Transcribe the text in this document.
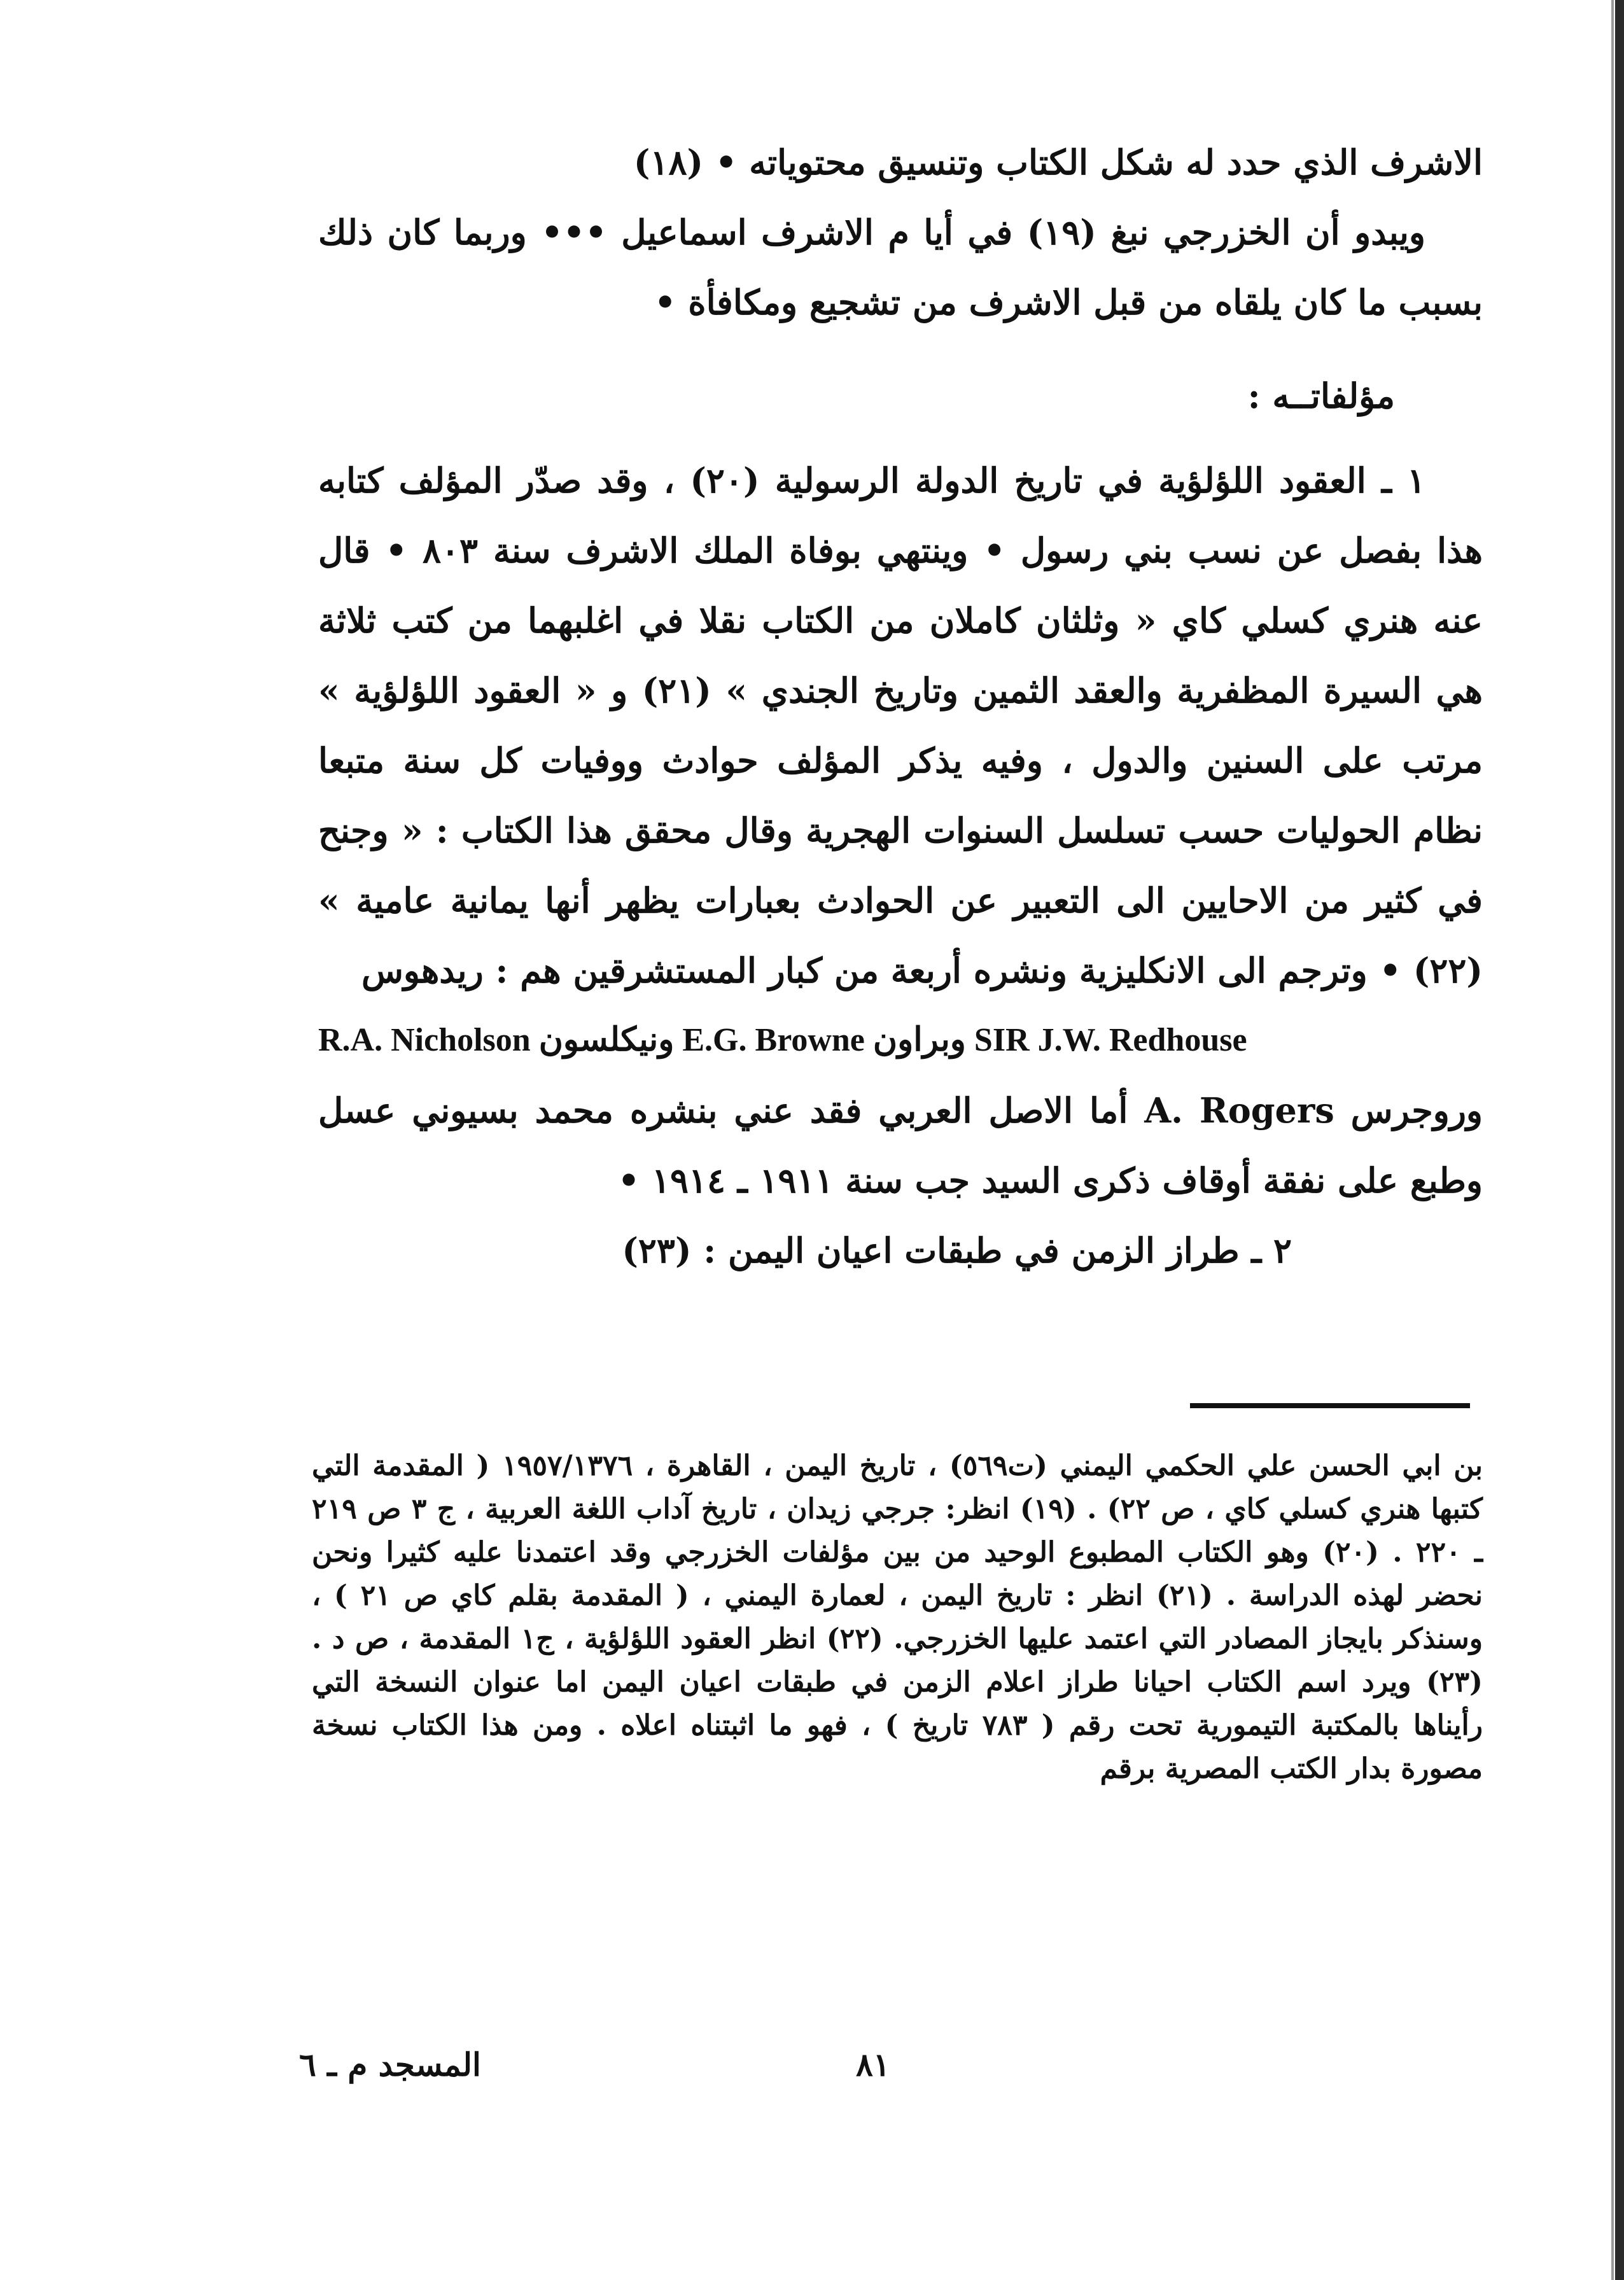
الاشرف الذي حدد له شكل الكتاب وتنسيق محتوياته • (١٨)
ويبدو أن الخزرجي نبغ (١٩) في أيا م الاشرف اسماعيل ••• وربما كان ذلك بسبب ما كان يلقاه من قبل الاشرف من تشجيع ومكافأة •
مؤلفاتــه :
١ ـ العقود اللؤلؤية في تاريخ الدولة الرسولية (٢٠) ، وقد صدّر المؤلف كتابه هذا بفصل عن نسب بني رسول • وينتهي بوفاة الملك الاشرف سنة ٨٠٣ • قال عنه هنري كسلي كاي « وثلثان كاملان من الكتاب نقلا في اغلبهما من كتب ثلاثة هي السيرة المظفرية والعقد الثمين وتاريخ الجندي » (٢١) و « العقود اللؤلؤية » مرتب على السنين والدول ، وفيه يذكر المؤلف حوادث ووفيات كل سنة متبعا نظام الحوليات حسب تسلسل السنوات الهجرية وقال محقق هذا الكتاب : « وجنح في كثير من الاحايين الى التعبير عن الحوادث بعبارات يظهر أنها يمانية عامية » (٢٢) • وترجم الى الانكليزية ونشره أربعة من كبار المستشرقين هم : ريدهوس
R.A. Nicholson ونيكلسون E.G. Browne وبراون SIR J.W. Redhouse
وروجرس A. Rogers أما الاصل العربي فقد عني بنشره محمد بسيوني عسل وطبع على نفقة أوقاف ذكرى السيد جب سنة ١٩١١ ـ ١٩١٤ •
٢ ـ طراز الزمن في طبقات اعيان اليمن : (٢٣)
بن ابي الحسن علي الحكمي اليمني (ت٥٦٩) ، تاريخ اليمن ، القاهرة ، ١٩٥٧/١٣٧٦ ( المقدمة التي كتبها هنري كسلي كاي ، ص ٢٢) . (١٩) انظر: جرجي زيدان ، تاريخ آداب اللغة العربية ، ج ٣ ص ٢١٩ ـ ٢٢٠ . (٢٠) وهو الكتاب المطبوع الوحيد من بين مؤلفات الخزرجي وقد اعتمدنا عليه كثيرا ونحن نحضر لهذه الدراسة . (٢١) انظر : تاريخ اليمن ، لعمارة اليمني ، ( المقدمة بقلم كاي ص ٢١ ) ، وسنذكر بايجاز المصادر التي اعتمد عليها الخزرجي. (٢٢) انظر العقود اللؤلؤية ، ج١ المقدمة ، ص د .(٢٣) ويرد اسم الكتاب احيانا طراز اعلام الزمن في طبقات اعيان اليمن اما عنوان النسخة التي رأيناها بالمكتبة التيمورية تحت رقم ( ٧٨٣ تاريخ ) ، فهو ما اثبتناه اعلاه . ومن هذا الكتاب نسخة مصورة بدار الكتب المصرية برقم
المسجد م ـ ٦	٨١
